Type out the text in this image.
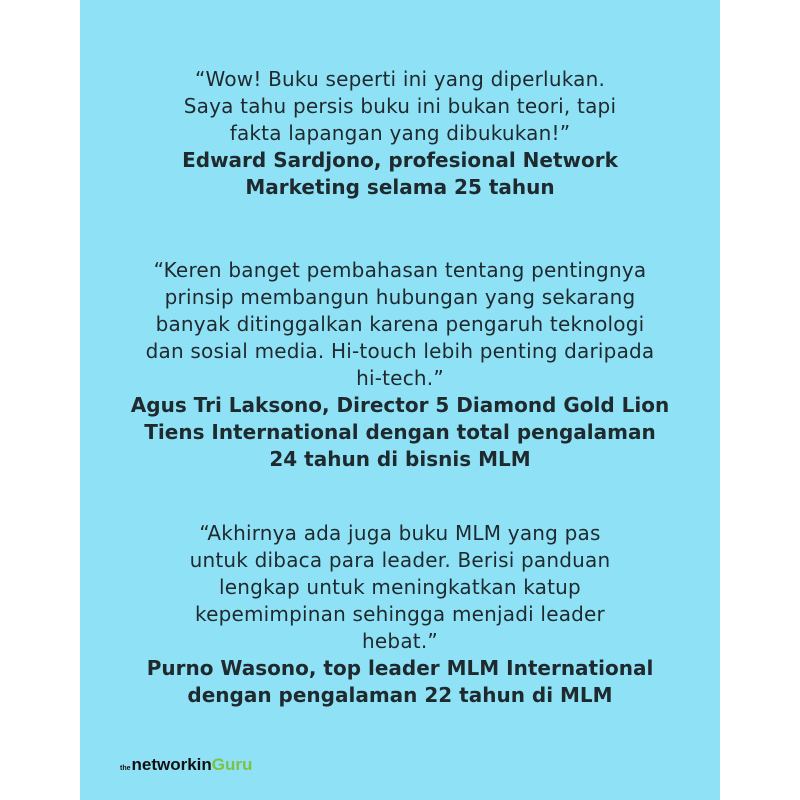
“Wow! Buku seperti ini yang diperlukan.
Saya tahu persis buku ini bukan teori, tapi
fakta lapangan yang dibukukan!”
Edward Sardjono, profesional Network
Marketing selama 25 tahun
“Keren banget pembahasan tentang pentingnya
prinsip membangun hubungan yang sekarang
banyak ditinggalkan karena pengaruh teknologi
dan sosial media. Hi-touch lebih penting daripada
hi-tech.”
Agus Tri Laksono, Director 5 Diamond Gold Lion
Tiens International dengan total pengalaman
24 tahun di bisnis MLM
“Akhirnya ada juga buku MLM yang pas
untuk dibaca para leader. Berisi panduan
lengkap untuk meningkatkan katup
kepemimpinan sehingga menjadi leader
hebat.”
Purno Wasono, top leader MLM International
dengan pengalaman 22 tahun di MLM
the networkin Guru
